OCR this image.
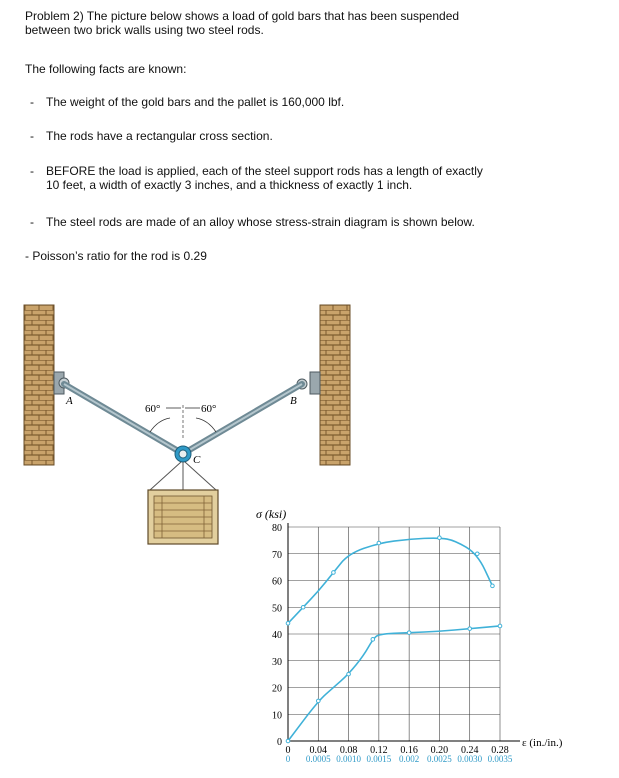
Problem 2) The picture below shows a load of gold bars that has been suspended
between two brick walls using two steel rods.
The following facts are known:
- The weight of the gold bars and the pallet is 160,000 lbf.
- The rods have a rectangular cross section.
- BEFORE the load is applied, each of the steel support rods has a length of exactly
10 feet, a width of exactly 3 inches, and a thickness of exactly 1 inch.
- The steel rods are made of an alloy whose stress-strain diagram is shown below.
- Poisson’s ratio for the rod is 0.29
60°	60°
A	B
C
0
10
20
30
40
50
60
70
80
0 0.04 0.08 0.12 0.16 0.20 0.24 0.28
0 0.0005 0.0010 0.0015 0.002 0.0025 0.0030 0.0035
σ (ksi)
ε (in./in.)
